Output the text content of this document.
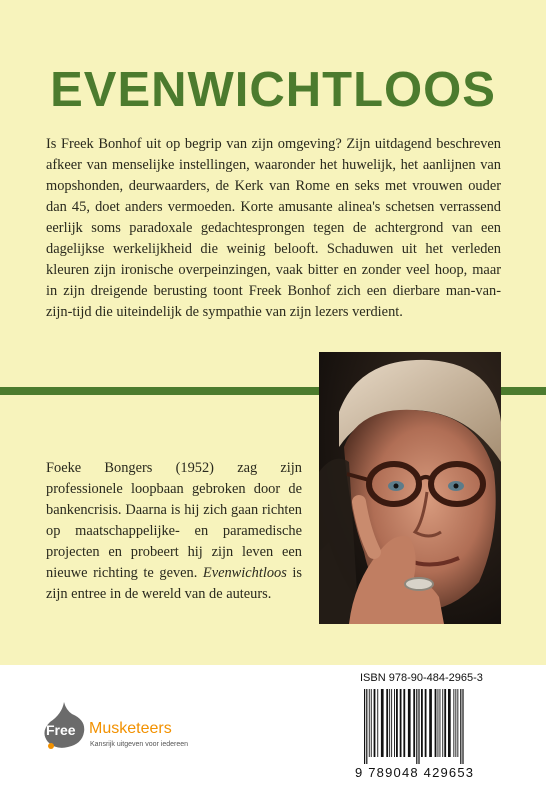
EVENWICHTLOOS

Is Freek Bonhof uit op begrip van zijn omgeving? Zijn uitdagend beschreven afkeer van menselijke instellingen, waaronder het huwelijk, het aanlijnen van mopshonden, deurwaarders, de Kerk van Rome en seks met vrouwen ouder dan 45, doet anders vermoeden. Korte amusante alinea's schetsen verrassend eerlijk soms paradoxale gedachtesprongen tegen de achtergrond van een dagelijkse werkelijkheid die weinig belooft. Schaduwen uit het verleden kleuren zijn ironische overpeinzingen, vaak bitter en zonder veel hoop, maar in zijn dreigende berusting toont Freek Bonhof zich een dierbare man-van-zijn-tijd die uiteindelijk de sympathie van zijn lezers verdient.

Foeke Bongers (1952) zag zijn professionele loopbaan gebroken door de bankencrisis. Daarna is hij zich gaan richten op maatschappelijke- en paramedische projecten en probeert hij zijn leven een nieuwe richting te geven. Evenwichtloos is zijn entree in de wereld van de auteurs.

Free Musketeers
Kansrijk uitgeven voor iedereen
ISBN 978-90-484-2965-3
9 789048 429653
